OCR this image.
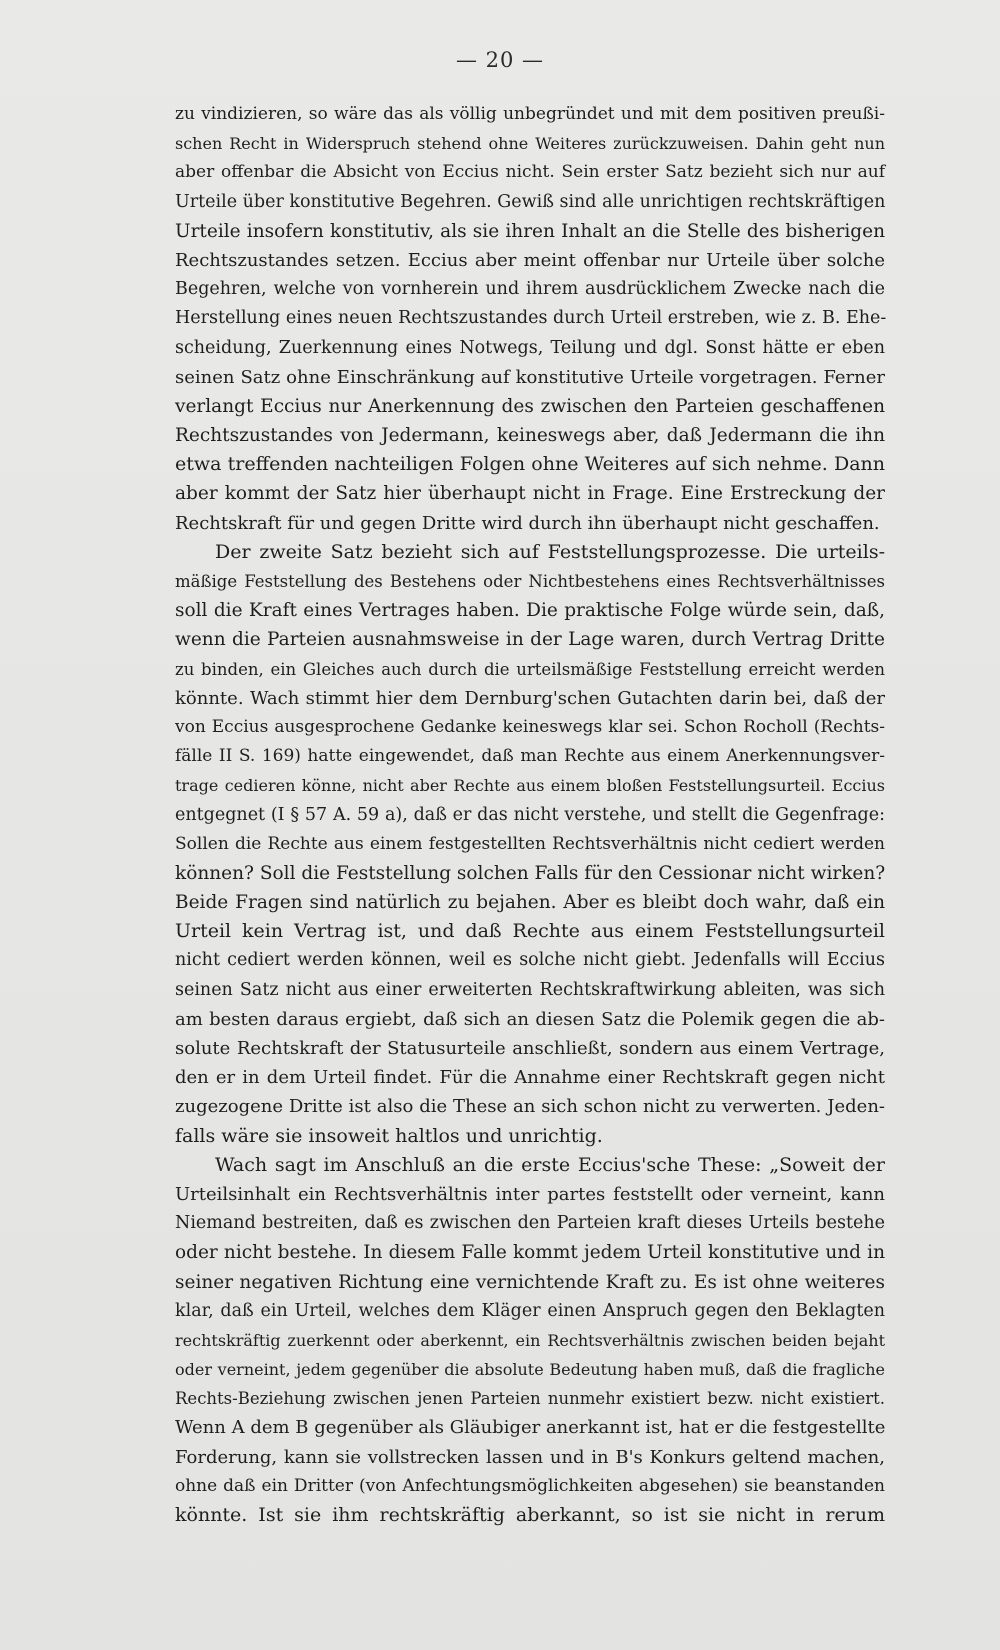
— 20 —
zu vindizieren, so wäre das als völlig unbegründet und mit dem positiven preußi-
schen Recht in Widerspruch stehend ohne Weiteres zurückzuweisen. Dahin geht nun
aber offenbar die Absicht von Eccius nicht. Sein erster Satz bezieht sich nur auf
Urteile über konstitutive Begehren. Gewiß sind alle unrichtigen rechtskräftigen
Urteile insofern konstitutiv, als sie ihren Inhalt an die Stelle des bisherigen
Rechtszustandes setzen. Eccius aber meint offenbar nur Urteile über solche
Begehren, welche von vornherein und ihrem ausdrücklichem Zwecke nach die
Herstellung eines neuen Rechtszustandes durch Urteil erstreben, wie z. B. Ehe-
scheidung, Zuerkennung eines Notwegs, Teilung und dgl. Sonst hätte er eben
seinen Satz ohne Einschränkung auf konstitutive Urteile vorgetragen. Ferner
verlangt Eccius nur Anerkennung des zwischen den Parteien geschaffenen
Rechtszustandes von Jedermann, keineswegs aber, daß Jedermann die ihn
etwa treffenden nachteiligen Folgen ohne Weiteres auf sich nehme. Dann
aber kommt der Satz hier überhaupt nicht in Frage. Eine Erstreckung der
Rechtskraft für und gegen Dritte wird durch ihn überhaupt nicht geschaffen.
Der zweite Satz bezieht sich auf Feststellungsprozesse. Die urteils-
mäßige Feststellung des Bestehens oder Nichtbestehens eines Rechtsverhältnisses
soll die Kraft eines Vertrages haben. Die praktische Folge würde sein, daß,
wenn die Parteien ausnahmsweise in der Lage waren, durch Vertrag Dritte
zu binden, ein Gleiches auch durch die urteilsmäßige Feststellung erreicht werden
könnte. Wach stimmt hier dem Dernburg'schen Gutachten darin bei, daß der
von Eccius ausgesprochene Gedanke keineswegs klar sei. Schon Rocholl (Rechts-
fälle II S. 169) hatte eingewendet, daß man Rechte aus einem Anerkennungsver-
trage cedieren könne, nicht aber Rechte aus einem bloßen Feststellungsurteil. Eccius
entgegnet (I § 57 A. 59 a), daß er das nicht verstehe, und stellt die Gegenfrage:
Sollen die Rechte aus einem festgestellten Rechtsverhältnis nicht cediert werden
können? Soll die Feststellung solchen Falls für den Cessionar nicht wirken?
Beide Fragen sind natürlich zu bejahen. Aber es bleibt doch wahr, daß ein
Urteil kein Vertrag ist, und daß Rechte aus einem Feststellungsurteil
nicht cediert werden können, weil es solche nicht giebt. Jedenfalls will Eccius
seinen Satz nicht aus einer erweiterten Rechtskraftwirkung ableiten, was sich
am besten daraus ergiebt, daß sich an diesen Satz die Polemik gegen die ab-
solute Rechtskraft der Statusurteile anschließt, sondern aus einem Vertrage,
den er in dem Urteil findet. Für die Annahme einer Rechtskraft gegen nicht
zugezogene Dritte ist also die These an sich schon nicht zu verwerten. Jeden-
falls wäre sie insoweit haltlos und unrichtig.
Wach sagt im Anschluß an die erste Eccius'sche These: „Soweit der
Urteilsinhalt ein Rechtsverhältnis inter partes feststellt oder verneint, kann
Niemand bestreiten, daß es zwischen den Parteien kraft dieses Urteils bestehe
oder nicht bestehe. In diesem Falle kommt jedem Urteil konstitutive und in
seiner negativen Richtung eine vernichtende Kraft zu. Es ist ohne weiteres
klar, daß ein Urteil, welches dem Kläger einen Anspruch gegen den Beklagten
rechtskräftig zuerkennt oder aberkennt, ein Rechtsverhältnis zwischen beiden bejaht
oder verneint, jedem gegenüber die absolute Bedeutung haben muß, daß die fragliche
Rechts-Beziehung zwischen jenen Parteien nunmehr existiert bezw. nicht existiert.
Wenn A dem B gegenüber als Gläubiger anerkannt ist, hat er die festgestellte
Forderung, kann sie vollstrecken lassen und in B's Konkurs geltend machen,
ohne daß ein Dritter (von Anfechtungsmöglichkeiten abgesehen) sie beanstanden
könnte. Ist sie ihm rechtskräftig aberkannt, so ist sie nicht in rerum
